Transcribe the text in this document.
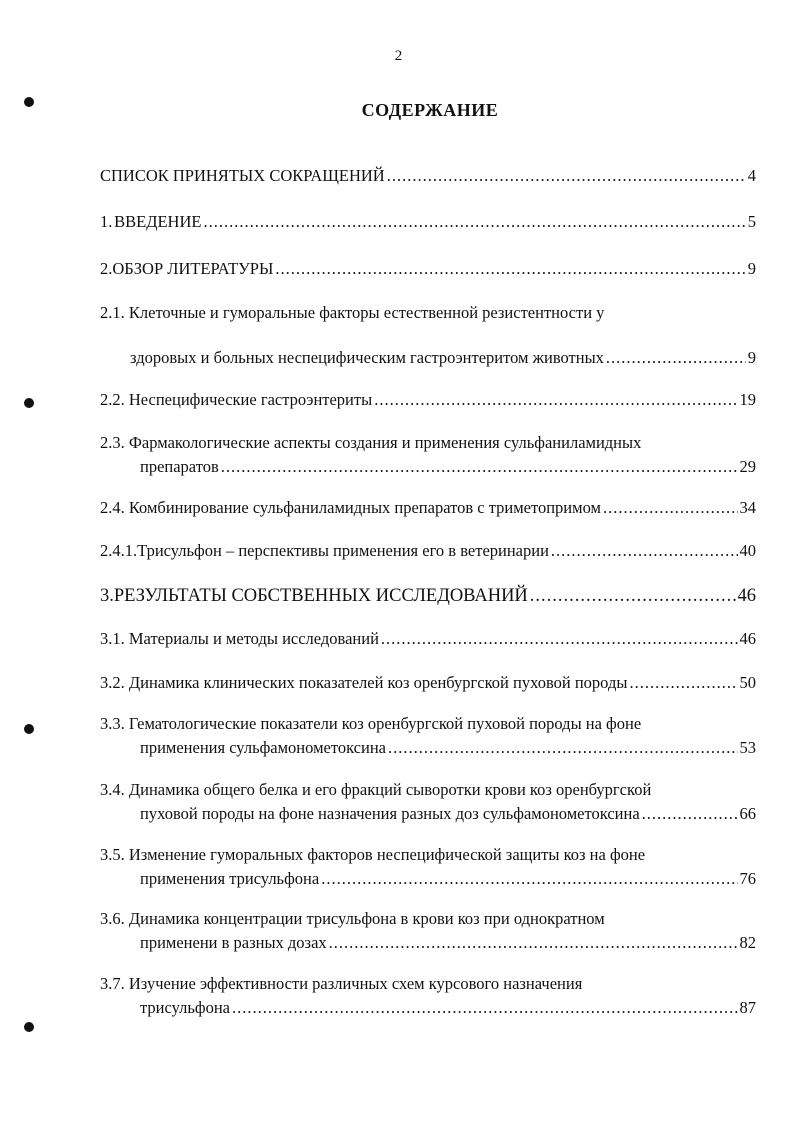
2
СОДЕРЖАНИЕ
СПИСОК ПРИНЯТЫХ СОКРАЩЕНИЙ .....	4
1. ВВЕДЕНИЕ .....	5
2. ОБЗОР ЛИТЕРАТУРЫ .....	9
2.1. Клеточные и гуморальные факторы естественной резистентности у
здоровых и больных неспецифическим гастроэнтеритом животных .....	9
2.2. Неспецифические гастроэнтериты .....	19
2.3. Фармакологические аспекты создания и применения сульфаниламидных
препаратов .....	29
2.4. Комбинирование сульфаниламидных препаратов с триметопримом .....	34
2.4.1.Трисульфон – перспективы применения его в ветеринарии .....	40
3. РЕЗУЛЬТАТЫ СОБСТВЕННЫХ ИССЛЕДОВАНИЙ .....	46
3.1. Материалы и методы исследований .....	46
3.2. Динамика клинических показателей коз оренбургской пуховой породы .....	50
3.3. Гематологические показатели коз оренбургской пуховой породы на фоне
применения сульфамонометоксина .....	53
3.4. Динамика общего белка и его фракций сыворотки крови коз оренбургской
пуховой породы на фоне назначения разных доз сульфамонометоксина .....	66
3.5. Изменение гуморальных факторов неспецифической защиты коз на фоне
применения трисульфона .....	76
3.6. Динамика концентрации трисульфона в крови коз при однократном
применени в разных дозах .....	82
3.7. Изучение эффективности различных схем курсового назначения
трисульфона .....	87
